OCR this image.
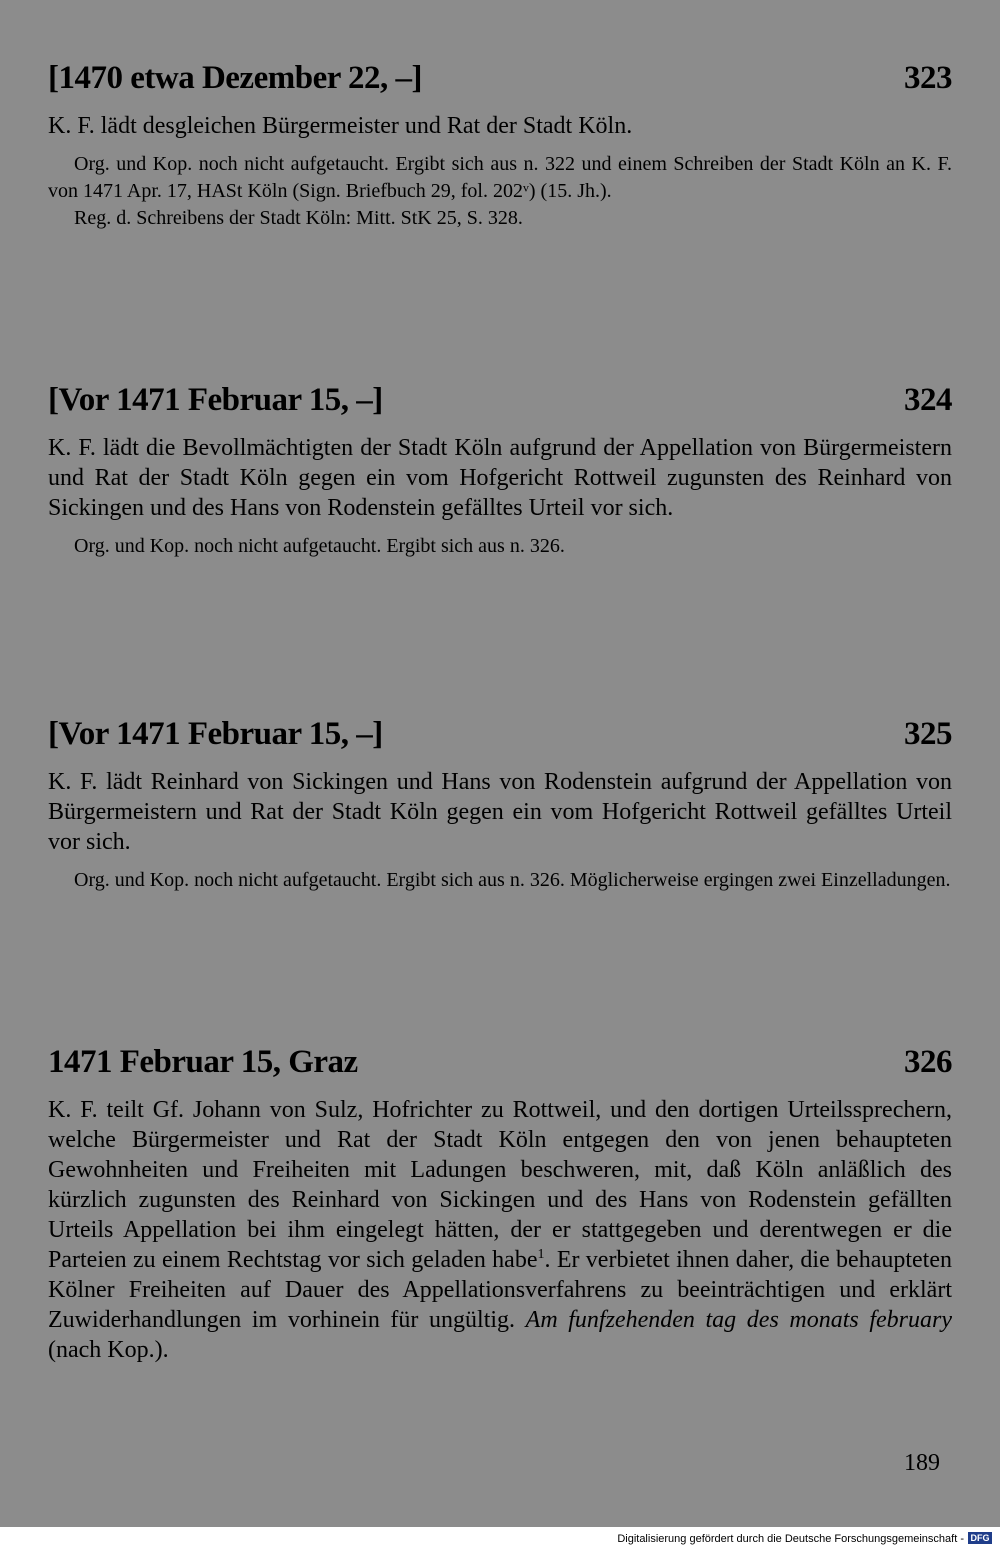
[1470 etwa Dezember 22, –]	323
K. F. lädt desgleichen Bürgermeister und Rat der Stadt Köln.

Org. und Kop. noch nicht aufgetaucht. Ergibt sich aus n. 322 und einem Schreiben der Stadt Köln an K. F. von 1471 Apr. 17, HASt Köln (Sign. Briefbuch 29, fol. 202ᵛ) (15. Jh.).

Reg. d. Schreibens der Stadt Köln: Mitt. StK 25, S. 328.

[Vor 1471 Februar 15, –]	324
K. F. lädt die Bevollmächtigten der Stadt Köln aufgrund der Appellation von Bürgermeistern und Rat der Stadt Köln gegen ein vom Hofgericht Rottweil zugunsten des Reinhard von Sickingen und des Hans von Rodenstein gefälltes Urteil vor sich.
Org. und Kop. noch nicht aufgetaucht. Ergibt sich aus n. 326.
[Vor 1471 Februar 15, –]	325
K. F. lädt Reinhard von Sickingen und Hans von Rodenstein aufgrund der Appellation von Bürgermeistern und Rat der Stadt Köln gegen ein vom Hofgericht Rottweil gefälltes Urteil vor sich.
Org. und Kop. noch nicht aufgetaucht. Ergibt sich aus n. 326. Möglicherweise ergingen zwei Einzelladungen.
1471 Februar 15, Graz	326
K. F. teilt Gf. Johann von Sulz, Hofrichter zu Rottweil, und den dortigen Urteilssprechern, welche Bürgermeister und Rat der Stadt Köln entgegen den von jenen behaupteten Gewohnheiten und Freiheiten mit Ladungen beschweren, mit, daß Köln anläßlich des kürzlich zugunsten des Reinhard von Sickingen und des Hans von Rodenstein gefällten Urteils Appellation bei ihm eingelegt hätten, der er stattgegeben und derentwegen er die Parteien zu einem Rechtstag vor sich geladen habe$^1$. Er verbietet ihnen daher, die behaupteten Kölner Freiheiten auf Dauer des Appellationsverfahrens zu beeinträchtigen und erklärt Zuwiderhandlungen im vorhinein für ungültig. Am funfzehenden tag des monats february (nach Kop.).
189
Digitalisierung gefördert durch die Deutsche Forschungsgemeinschaft - DFG
